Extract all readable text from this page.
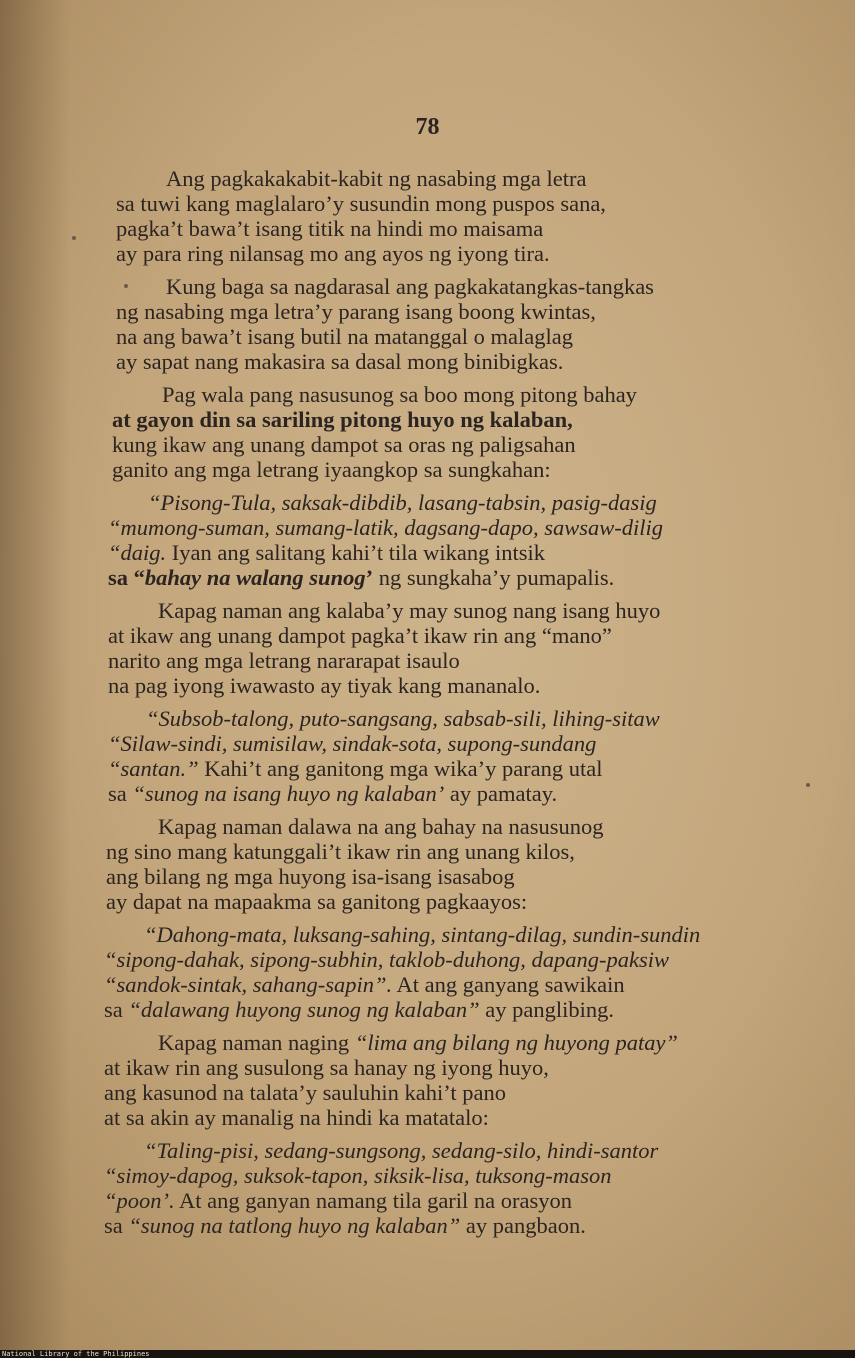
78
Ang pagkakakabit-kabit ng nasabing mga letra
sa tuwi kang maglalaro’y susundin mong puspos sana,
pagka’t bawa’t isang titik na hindi mo maisama
ay para ring nilansag mo ang ayos ng iyong tira.
Kung baga sa nagdarasal ang pagkakatangkas-tangkas
ng nasabing mga letra’y parang isang boong kwintas,
na ang bawa’t isang butil na matanggal o malaglag
ay sapat nang makasira sa dasal mong binibigkas.
Pag wala pang nasusunog sa boo mong pitong bahay
at gayon din sa sariling pitong huyo ng kalaban,
kung ikaw ang unang dampot sa oras ng paligsahan
ganito ang mga letrang iyaangkop sa sungkahan:
“Pisong-Tula, saksak-dibdib, lasang-tabsin, pasig-dasig
“mumong-suman, sumang-latik, dagsang-dapo, sawsaw-dilig
“daig. Iyan ang salitang kahi’t tila wikang intsik
sa “bahay na walang sunog’ ng sungkaha’y pumapalis.
Kapag naman ang kalaba’y may sunog nang isang huyo
at ikaw ang unang dampot pagka’t ikaw rin ang “mano”
narito ang mga letrang nararapat isaulo
na pag iyong iwawasto ay tiyak kang mananalo.
“Subsob-talong, puto-sangsang, sabsab-sili, lihing-sitaw
“Silaw-sindi, sumisilaw, sindak-sota, supong-sundang
“santan.” Kahi’t ang ganitong mga wika’y parang utal
sa “sunog na isang huyo ng kalaban’ ay pamatay.
Kapag naman dalawa na ang bahay na nasusunog
ng sino mang katunggali’t ikaw rin ang unang kilos,
ang bilang ng mga huyong isa-isang isasabog
ay dapat na mapaakma sa ganitong pagkaayos:
“Dahong-mata, luksang-sahing, sintang-dilag, sundin-sundin
“sipong-dahak, sipong-subhin, taklob-duhong, dapang-paksiw
“sandok-sintak, sahang-sapin”. At ang ganyang sawikain
sa “dalawang huyong sunog ng kalaban” ay panglibing.
Kapag naman naging “lima ang bilang ng huyong patay”
at ikaw rin ang susulong sa hanay ng iyong huyo,
ang kasunod na talata’y sauluhin kahi’t pano
at sa akin ay manalig na hindi ka matatalo:
“Taling-pisi, sedang-sungsong, sedang-silo, hindi-santor
“simoy-dapog, suksok-tapon, siksik-lisa, tuksong-mason
“poon’. At ang ganyan namang tila garil na orasyon
sa “sunog na tatlong huyo ng kalaban” ay pangbaon.
National Library of the Philippines
